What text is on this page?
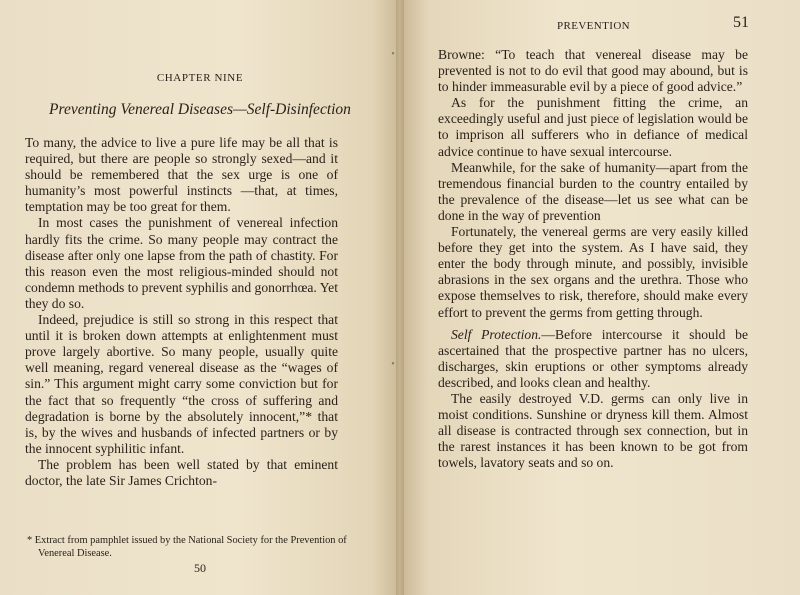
•
•
CHAPTER NINE
Preventing Venereal Diseases—Self-Disinfection

To many, the advice to live a pure life may be all that is required, but there are people so strongly sexed—and it should be remembered that the sex urge is one of humanity’s most powerful instincts —that, at times, temptation may be too great for them.

In most cases the punishment of venereal infection hardly fits the crime. So many people may contract the disease after only one lapse from the path of chastity. For this reason even the most religious-minded should not condemn methods to prevent syphilis and gonorrhœa. Yet they do so.

Indeed, prejudice is still so strong in this respect that until it is broken down attempts at enlightenment must prove largely abortive. So many people, usually quite well meaning, regard venereal disease as the “wages of sin.” This argument might carry some conviction but for the fact that so frequently “the cross of suffering and degradation is borne by the absolutely innocent,”* that is, by the wives and husbands of infected partners or by the innocent syphilitic infant.

The problem has been well stated by that eminent doctor, the late Sir James Crichton-

* Extract from pamphlet issued by the National Society for the Prevention of Venereal Disease.
50
PREVENTION	51

Browne: “To teach that venereal disease may be prevented is not to do evil that good may abound, but is to hinder immeasurable evil by a piece of good advice.”

As for the punishment fitting the crime, an exceedingly useful and just piece of legislation would be to imprison all sufferers who in defiance of medical advice continue to have sexual intercourse.

Meanwhile, for the sake of humanity—apart from the tremendous financial burden to the country entailed by the prevalence of the disease—let us see what can be done in the way of prevention

Fortunately, the venereal germs are very easily killed before they get into the system. As I have said, they enter the body through minute, and possibly, invisible abrasions in the sex organs and the urethra. Those who expose themselves to risk, therefore, should make every effort to prevent the germs from getting through.

Self Protection.—Before intercourse it should be ascertained that the prospective partner has no ulcers, discharges, skin eruptions or other symptoms already described, and looks clean and healthy.

The easily destroyed V.D. germs can only live in moist conditions. Sunshine or dryness kill them. Almost all disease is contracted through sex connection, but in the rarest instances it has been known to be got from towels, lavatory seats and so on.
